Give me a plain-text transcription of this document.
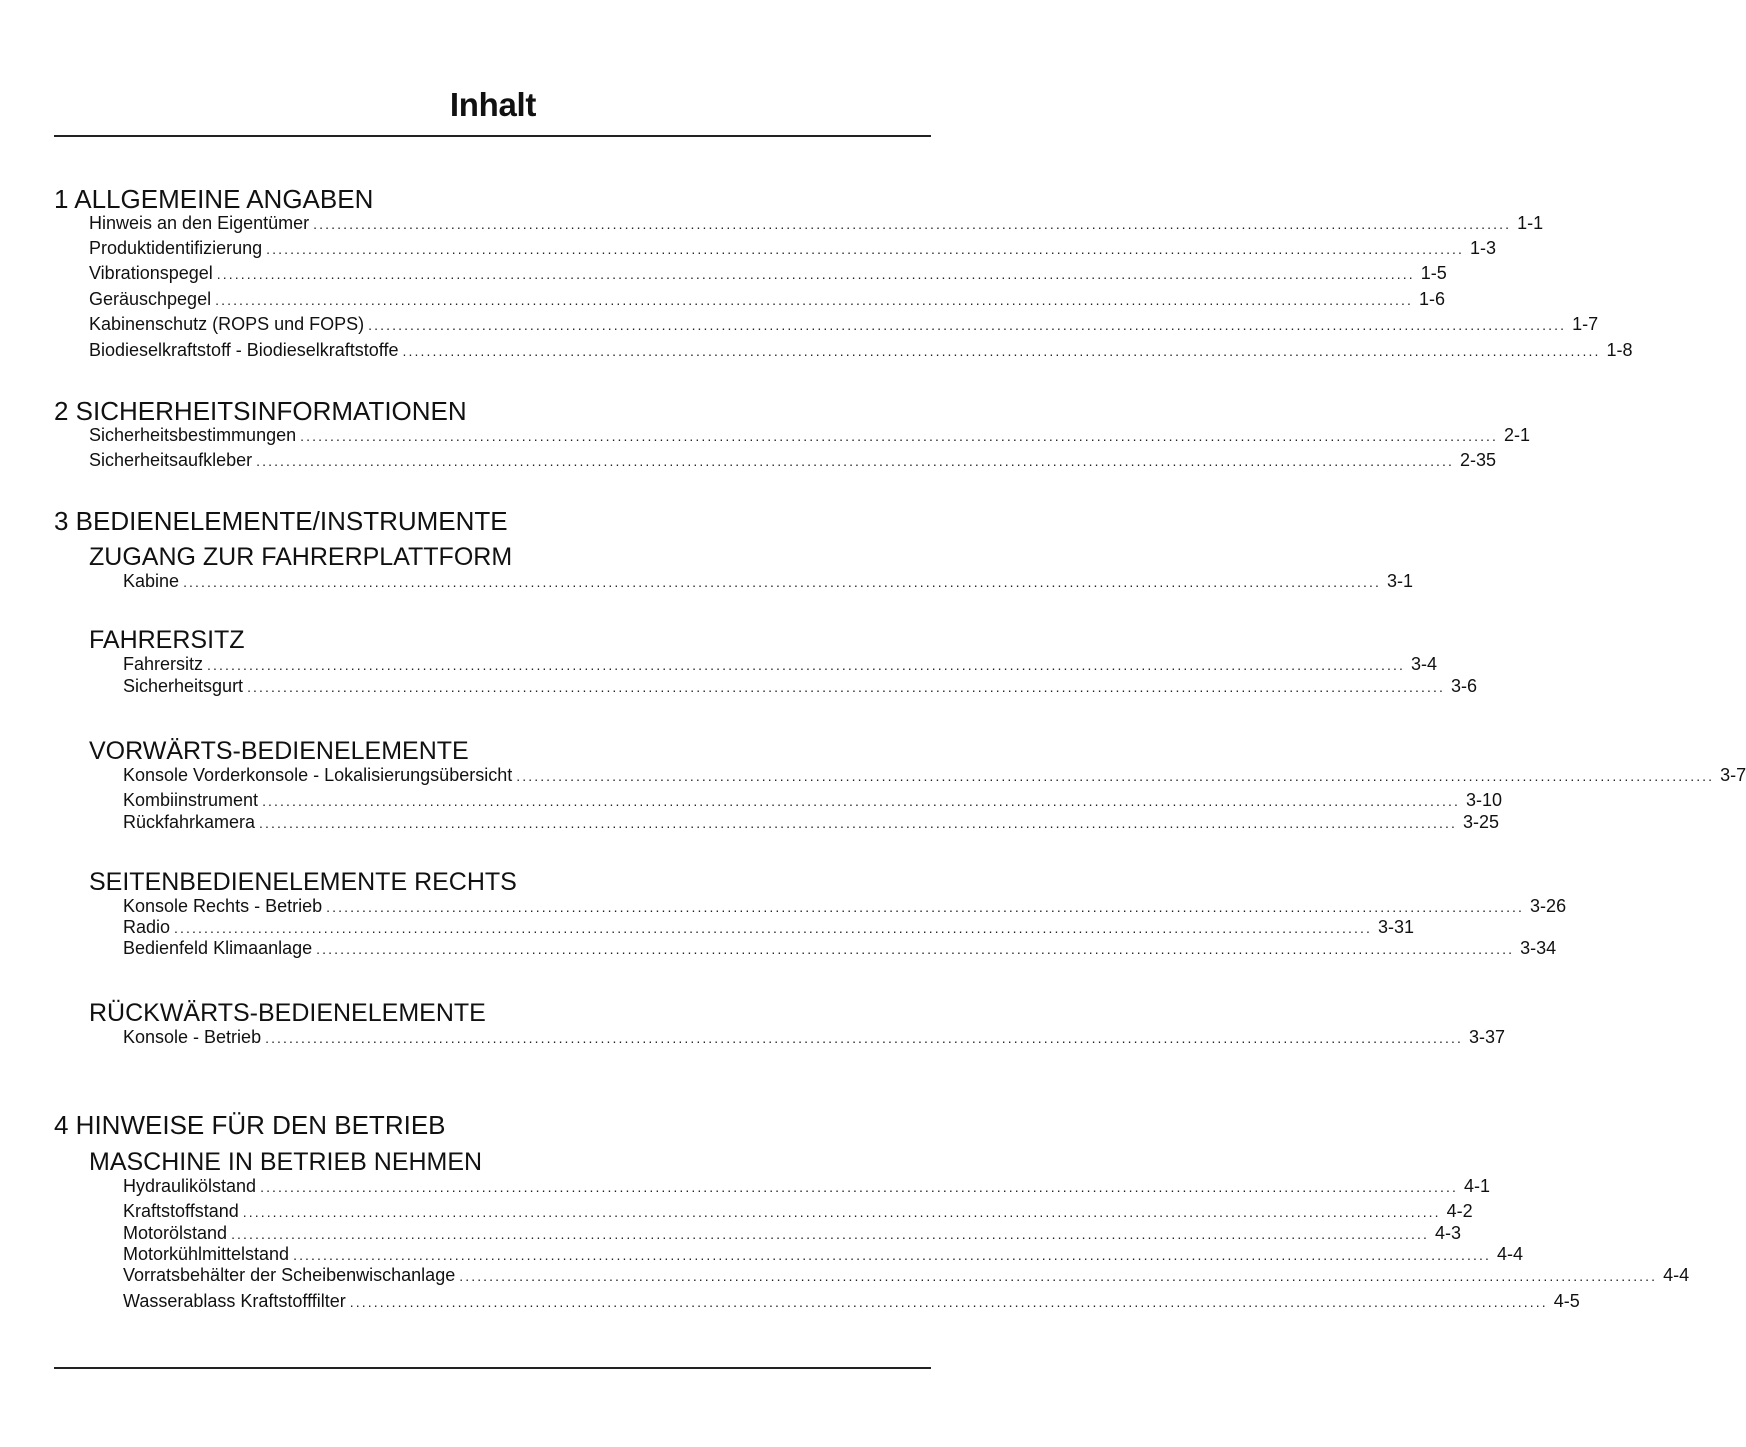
Inhalt
1 ALLGEMEINE ANGABEN
Hinweis an den Eigentümer ........................................................................................................................................................................................................ 1-1
Produktidentifizierung ........................................................................................................................................................................................................ 1-3
Vibrationspegel ........................................................................................................................................................................................................ 1-5
Geräuschpegel ........................................................................................................................................................................................................ 1-6
Kabinenschutz (ROPS und FOPS) ........................................................................................................................................................................................................ 1-7
Biodieselkraftstoff - Biodieselkraftstoffe ........................................................................................................................................................................................................ 1-8
2 SICHERHEITSINFORMATIONEN
Sicherheitsbestimmungen ........................................................................................................................................................................................................ 2-1
Sicherheitsaufkleber ........................................................................................................................................................................................................ 2-35
3 BEDIENELEMENTE/INSTRUMENTE
ZUGANG ZUR FAHRERPLATTFORM
Kabine ........................................................................................................................................................................................................ 3-1
FAHRERSITZ
Fahrersitz ........................................................................................................................................................................................................ 3-4
Sicherheitsgurt ........................................................................................................................................................................................................ 3-6
VORWÄRTS-BEDIENELEMENTE
Konsole Vorderkonsole - Lokalisierungsübersicht ........................................................................................................................................................................................................ 3-7
Kombiinstrument ........................................................................................................................................................................................................ 3-10
Rückfahrkamera ........................................................................................................................................................................................................ 3-25
SEITENBEDIENELEMENTE RECHTS
Konsole Rechts - Betrieb ........................................................................................................................................................................................................ 3-26
Radio ........................................................................................................................................................................................................ 3-31
Bedienfeld Klimaanlage ........................................................................................................................................................................................................ 3-34
RÜCKWÄRTS-BEDIENELEMENTE
Konsole - Betrieb ........................................................................................................................................................................................................ 3-37
4 HINWEISE FÜR DEN BETRIEB
MASCHINE IN BETRIEB NEHMEN
Hydraulikölstand ........................................................................................................................................................................................................ 4-1
Kraftstoffstand ........................................................................................................................................................................................................ 4-2
Motorölstand ........................................................................................................................................................................................................ 4-3
Motorkühlmittelstand ........................................................................................................................................................................................................ 4-4
Vorratsbehälter der Scheibenwischanlage ........................................................................................................................................................................................................ 4-4
Wasserablass Kraftstofffilter ........................................................................................................................................................................................................ 4-5
